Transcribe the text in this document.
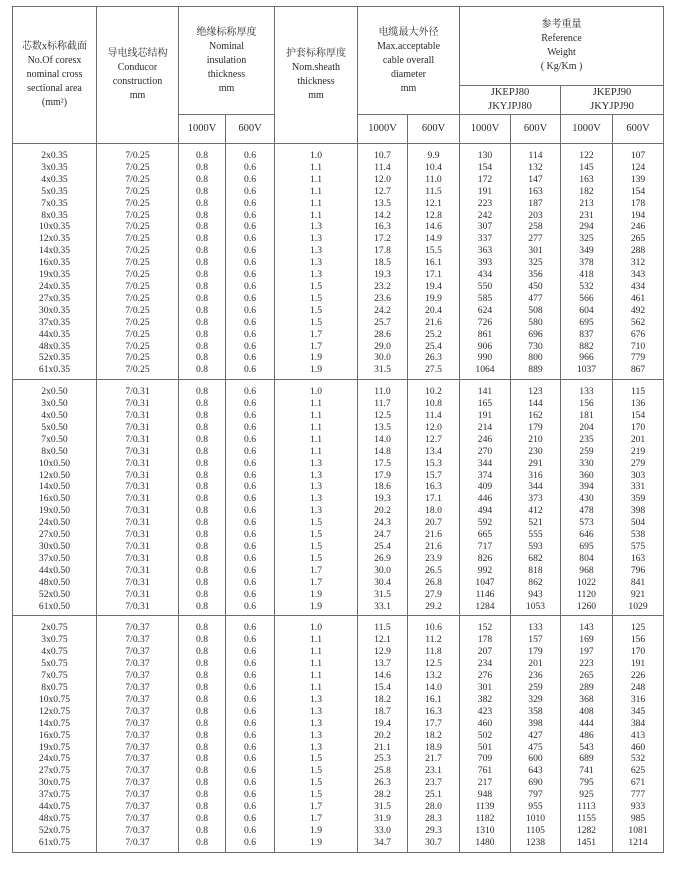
芯数x标称截面
No.Of coresx
nominal cross
sectional area
(mm²)	导电线芯结构
Conducor
construction
mm	绝缘标称厚度
Nominal
insulation
thickness
mm		护套标称厚度
Nom.sheath
thickness
mm	电缆最大外径
Max.acceptable
cable overall
diameter
mm		参考重量
Reference
Weight
( Kg/Km )			

							JKEPJ80
JKYJPJ80		JKEPJ90
JKYJPJ90	

		1000V	600V		1000V	600V	1000V	600V	1000V	600V
2x0.35	7/0.25	0.8	0.6	1.0	10.7	9.9	130	114	122	107
3x0.35	7/0.25	0.8	0.6	1.1	11.4	10.4	154	132	145	124
4x0.35	7/0.25	0.8	0.6	1.1	12.0	11.0	172	147	163	139
5x0.35	7/0.25	0.8	0.6	1.1	12.7	11.5	191	163	182	154
7x0.35	7/0.25	0.8	0.6	1.1	13.5	12.1	223	187	213	178
8x0.35	7/0.25	0.8	0.6	1.1	14.2	12.8	242	203	231	194
10x0.35	7/0.25	0.8	0.6	1.3	16.3	14.6	307	258	294	246
12x0.35	7/0.25	0.8	0.6	1.3	17.2	14.9	337	277	325	265
14x0.35	7/0.25	0.8	0.6	1.3	17.8	15.5	363	301	349	288
16x0.35	7/0.25	0.8	0.6	1.3	18.5	16.1	393	325	378	312
19x0.35	7/0.25	0.8	0.6	1.3	19.3	17.1	434	356	418	343
24x0.35	7/0.25	0.8	0.6	1.5	23.2	19.4	550	450	532	434
27x0.35	7/0.25	0.8	0.6	1.5	23.6	19.9	585	477	566	461
30x0.35	7/0.25	0.8	0.6	1.5	24.2	20.4	624	508	604	492
37x0.35	7/0.25	0.8	0.6	1.5	25.7	21.6	726	580	695	562
44x0.35	7/0.25	0.8	0.6	1.7	28.6	25.2	861	696	837	676
48x0.35	7/0.25	0.8	0.6	1.7	29.0	25.4	906	730	882	710
52x0.35	7/0.25	0.8	0.6	1.9	30.0	26.3	990	800	966	779
61x0.35	7/0.25	0.8	0.6	1.9	31.5	27.5	1064	889	1037	867
2x0.50	7/0.31	0.8	0.6	1.0	11.0	10.2	141	123	133	115
3x0.50	7/0.31	0.8	0.6	1.1	11.7	10.8	165	144	156	136
4x0.50	7/0.31	0.8	0.6	1.1	12.5	11.4	191	162	181	154
5x0.50	7/0.31	0.8	0.6	1.1	13.5	12.0	214	179	204	170
7x0.50	7/0.31	0.8	0.6	1.1	14.0	12.7	246	210	235	201
8x0.50	7/0.31	0.8	0.6	1.1	14.8	13.4	270	230	259	219
10x0.50	7/0.31	0.8	0.6	1.3	17.5	15.3	344	291	330	279
12x0.50	7/0.31	0.8	0.6	1.3	17.9	15.7	374	316	360	303
14x0.50	7/0.31	0.8	0.6	1.3	18.6	16.3	409	344	394	331
16x0.50	7/0.31	0.8	0.6	1.3	19.3	17.1	446	373	430	359
19x0.50	7/0.31	0.8	0.6	1.3	20.2	18.0	494	412	478	398
24x0.50	7/0.31	0.8	0.6	1.5	24.3	20.7	592	521	573	504
27x0.50	7/0.31	0.8	0.6	1.5	24.7	21.6	665	555	646	538
30x0.50	7/0.31	0.8	0.6	1.5	25.4	21.6	717	593	695	575
37x0.50	7/0.31	0.8	0.6	1.5	26.9	23.9	826	682	804	163
44x0.50	7/0.31	0.8	0.6	1.7	30.0	26.5	992	818	968	796
48x0.50	7/0.31	0.8	0.6	1.7	30.4	26.8	1047	862	1022	841
52x0.50	7/0.31	0.8	0.6	1.9	31.5	27.9	1146	943	1120	921
61x0.50	7/0.31	0.8	0.6	1.9	33.1	29.2	1284	1053	1260	1029
2x0.75	7/0.37	0.8	0.6	1.0	11.5	10.6	152	133	143	125
3x0.75	7/0.37	0.8	0.6	1.1	12.1	11.2	178	157	169	156
4x0.75	7/0.37	0.8	0.6	1.1	12.9	11.8	207	179	197	170
5x0.75	7/0.37	0.8	0.6	1.1	13.7	12.5	234	201	223	191
7x0.75	7/0.37	0.8	0.6	1.1	14.6	13.2	276	236	265	226
8x0.75	7/0.37	0.8	0.6	1.1	15.4	14.0	301	259	289	248
10x0.75	7/0.37	0.8	0.6	1.3	18.2	16.1	382	329	368	316
12x0.75	7/0.37	0.8	0.6	1.3	18.7	16.3	423	358	408	345
14x0.75	7/0.37	0.8	0.6	1.3	19.4	17.7	460	398	444	384
16x0.75	7/0.37	0.8	0.6	1.3	20.2	18.2	502	427	486	413
19x0.75	7/0.37	0.8	0.6	1.3	21.1	18.9	501	475	543	460
24x0.75	7/0.37	0.8	0.6	1.5	25.3	21.7	709	600	689	532
27x0.75	7/0.37	0.8	0.6	1.5	25.8	23.1	761	643	741	625
30x0.75	7/0.37	0.8	0.6	1.5	26.3	23.7	217	690	795	671
37x0.75	7/0.37	0.8	0.6	1.5	28.2	25.1	948	797	925	777
44x0.75	7/0.37	0.8	0.6	1.7	31.5	28.0	1139	955	1113	933
48x0.75	7/0.37	0.8	0.6	1.7	31.9	28.3	1182	1010	1155	985
52x0.75	7/0.37	0.8	0.6	1.9	33.0	29.3	1310	1105	1282	1081
61x0.75	7/0.37	0.8	0.6	1.9	34.7	30.7	1480	1238	1451	1214
